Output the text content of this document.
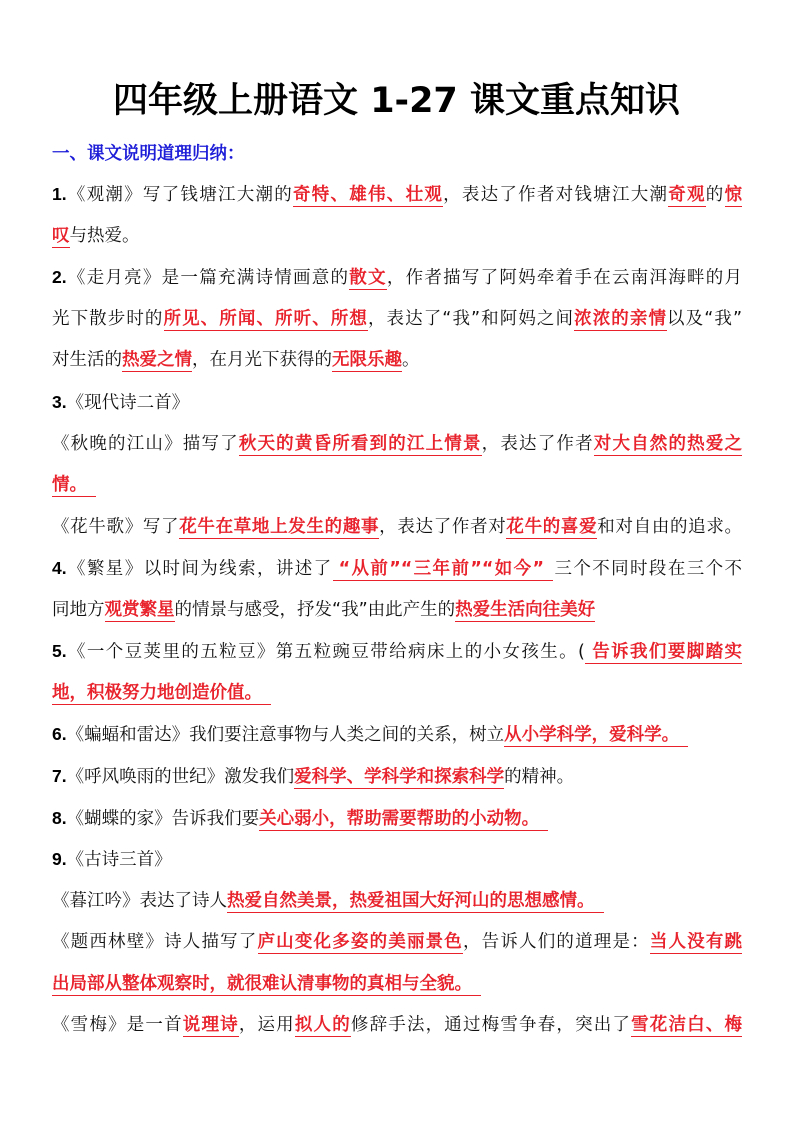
四年级上册语文 1-27 课文重点知识
一、课文说明道理归纳：
1.《观潮》写了钱塘江大潮的奇特、雄伟、壮观，表达了作者对钱塘江大潮奇观的惊
叹与热爱。
2.《走月亮》是一篇充满诗情画意的散文，作者描写了阿妈牵着手在云南洱海畔的月
光下散步时的所见、所闻、所听、所想，表达了“我”和阿妈之间浓浓的亲情以及“我”
对生活的热爱之情，在月光下获得的无限乐趣。
3.《现代诗二首》
《秋晚的江山》描写了秋天的黄昏所看到的江上情景，表达了作者对大自然的热爱之
情。
《花牛歌》写了花牛在草地上发生的趣事，表达了作者对花牛的喜爱和对自由的追求。
4.《繁星》以时间为线索，讲述了 “从前”“三年前”“如今” 三个不同时段在三个不
同地方观赏繁星的情景与感受，抒发“我”由此产生的热爱生活向往美好
5.《一个豆荚里的五粒豆》第五粒豌豆带给病床上的小女孩生。( 告诉我们要脚踏实
地，积极努力地创造价值。
6.《蝙蝠和雷达》我们要注意事物与人类之间的关系，树立从小学科学，爱科学。
7.《呼风唤雨的世纪》激发我们爱科学、学科学和探索科学的精神。
8.《蝴蝶的家》告诉我们要关心弱小，帮助需要帮助的小动物。
9.《古诗三首》
《暮江吟》表达了诗人热爱自然美景，热爱祖国大好河山的思想感情。
《题西林壁》诗人描写了庐山变化多姿的美丽景色，告诉人们的道理是：当人没有跳
出局部从整体观察时，就很难认清事物的真相与全貌。
《雪梅》是一首说理诗，运用拟人的修辞手法，通过梅雪争春，突出了雪花洁白、梅
